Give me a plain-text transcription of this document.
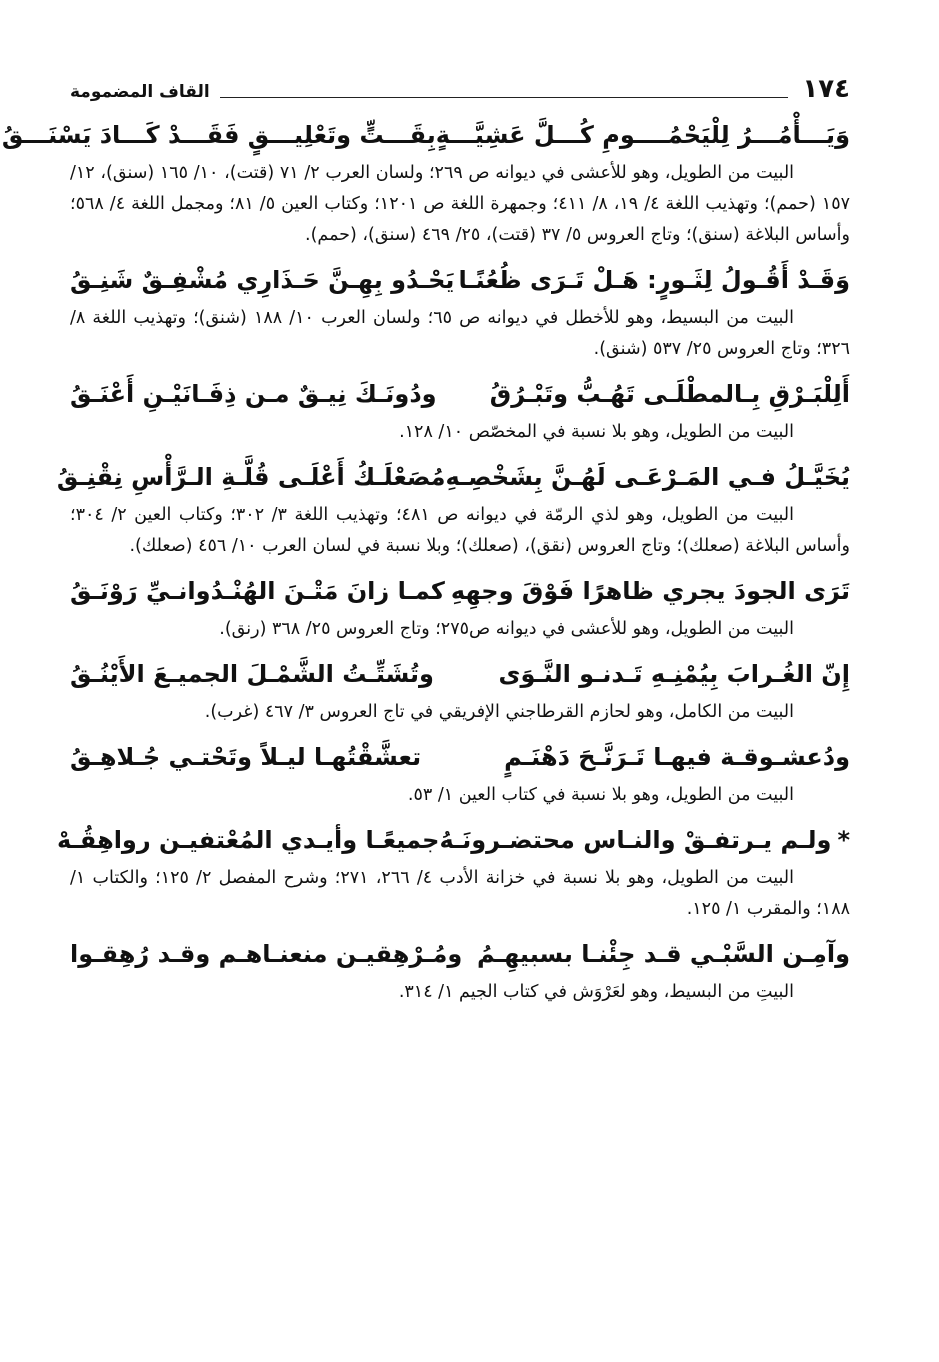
١٧٤
القاف المضمومة
وَيَـــأْمُـــرُ لِلْيَحْمُــــومِ كُـــلَّ عَشِيَّـــةٍ
بِقَـــتٍّ وتَعْلِيـــقٍ فَقَـــدْ كَـــادَ يَسْنَـــقُ

البيت من الطويل، وهو للأعشى في ديوانه ص ٢٦٩؛ ولسان العرب ٢/ ٧١ (قتت)، ١٠/ ١٦٥ (سنق)، ١٢/ ١٥٧ (حمم)؛ وتهذيب اللغة ٤/ ١٩، ٨/ ٤١١؛ وجمهرة اللغة ص ١٢٠١؛ وكتاب العين ٥/ ٨١؛ ومجمل اللغة ٤/ ٥٦٨؛ وأساس البلاغة (سنق)؛ وتاج العروس ٥/ ٣٧ (قتت)، ٢٥/ ٤٦٩ (سنق)، (حمم).

وَقَـدْ أَقُـولُ لِثَـورٍ: هَـلْ تَـرَى ظُعُنًـا
يَحْـدُو بِهِـنَّ حَـذَارِي مُشْفِـقٌ شَنِـقُ

البيت من البسيط، وهو للأخطل في ديوانه ص ٦٥؛ ولسان العرب ١٠/ ١٨٨ (شنق)؛ وتهذيب اللغة ٨/ ٣٢٦؛ وتاج العروس ٢٥/ ٥٣٧ (شنق).

أَلِلْبَـرْقِ بِـالمطْلَـى تَهُـبُّ وتَبْـرُقُ
ودُونَـكَ نِيـقٌ مـن ذِفَـانَيْـنِ أَعْنَـقُ

البيت من الطويل، وهو بلا نسبة في المخصّص ١٠/ ١٢٨.

يُخَيَّـلُ فـي المَـرْعَـى لَهُـنَّ بِشَخْصِـهِ
مُصَعْلَـكُ أَعْلَـى قُلَّـةِ الـرَّأْسِ نِقْنِـقُ

البيت من الطويل، وهو لذي الرمّة في ديوانه ص ٤٨١؛ وتهذيب اللغة ٣/ ٣٠٢؛ وكتاب العين ٢/ ٣٠٤؛ وأساس البلاغة (صعلك)؛ وتاج العروس (نقق)، (صعلك)؛ وبلا نسبة في لسان العرب ١٠/ ٤٥٦ (صعلك).

تَرَى الجودَ يجري ظاهرًا فَوْقَ وجهِهِ
كمـا زانَ مَتْـنَ الهُنْـدُوانـيِّ رَوْنَـقُ

البيت من الطويل، وهو للأعشى في ديوانه ص٢٧٥؛ وتاج العروس ٢٥/ ٣٦٨ (رنق).

إِنّ الغُـرابَ بِيُمْنِـهِ تَـدنـو النَّـوَى
وتُشَتِّـتُ الشَّمْـلَ الجميـعَ الأَيْنُـقُ

البيت من الكامل، وهو لحازم القرطاجني الإفريقي في تاج العروس ٣/ ٤٦٧ (غرب).

ودُعشـوقـة فيهـا تَـرَنَّـحَ دَهْنَـمٍ
تعشَّقْتُهـا ليـلاً وتَحْتـي جُـلاهِـقُ

البيت من الطويل، وهو بلا نسبة في كتاب العين ١/ ٥٣.

*ولـم يـرتفـقْ والنـاس محتضـرونَـهُ
جميعًـا وأيـدي المُعْتفيـن رواهِقُـهْ

البيت من الطويل، وهو بلا نسبة في خزانة الأدب ٤/ ٢٦٦، ٢٧١؛ وشرح المفصل ٢/ ١٢٥؛ والكتاب ١/ ١٨٨؛ والمقرب ١/ ١٢٥.

وآمِـن السَّبْـي قـد جِئْنـا بسبيهِـمُ
ومُـرْهِقيـن منعنـاهـم وقـد رُهِقـوا

البيتِ من البسيط، وهو لعَرْوَش في كتاب الجيم ١/ ٣١٤.
